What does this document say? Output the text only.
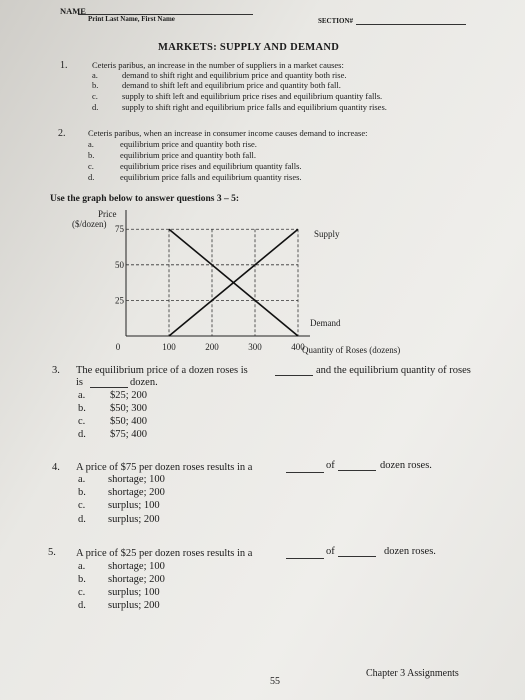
NAME
Print Last Name, First Name	SECTION#
MARKETS: SUPPLY AND DEMAND
1.	Ceteris paribus, an increase in the number of suppliers in a market causes:
a.	demand to shift right and equilibrium price and quantity both rise.
b.	demand to shift left and equilibrium price and quantity both fall.
c.	supply to shift left and equilibrium price rises and equilibrium quantity falls.
d.	supply to shift right and equilibrium price falls and equilibrium quantity rises.
2.	Ceteris paribus, when an increase in consumer income causes demand to increase:
a.	equilibrium price and quantity both rise.
b.	equilibrium price and quantity both fall.
c.	equilibrium price rises and equilibrium quantity falls.
d.	equilibrium price falls and equilibrium quantity rises.
Use the graph below to answer questions 3 – 5:
75
50
25
0	100	200	300	400
Supply
Demand
Price
($/dozen)
Quantity of Roses (dozens)
3. The equilibrium price of a dozen roses is	and the equilibrium quantity of roses
is	dozen.
a. $25; 200
b. $50; 300
c. $50; 400
d. $75; 400
4. A price of $75 per dozen roses results in a	of	dozen roses.
a. shortage; 100
b. shortage; 200
c. surplus; 100
d. surplus; 200
5. A price of $25 per dozen roses results in a	of	dozen roses.
a. shortage; 100
b. shortage; 200
c. surplus; 100
d. surplus; 200
55
Chapter 3 Assignments
